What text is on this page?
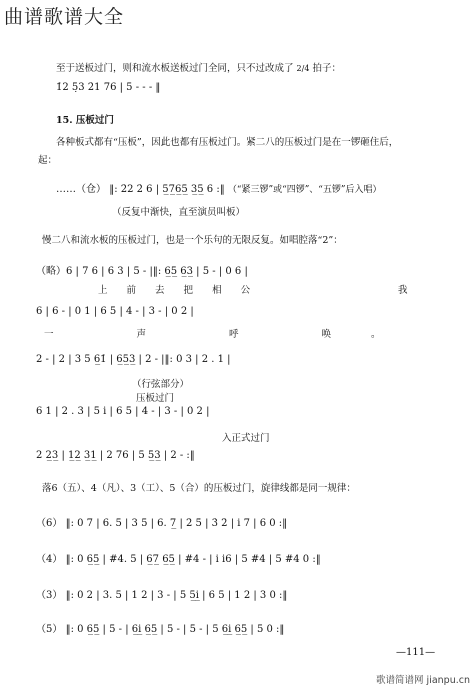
曲谱歌谱大全
至于送板过门，则和流水板送板过门全同，只不过改成了 2/4 拍子：
1̇2 5̣3 2̇1 76 | 5 - - - ‖
15. 压板过门
各种板式都有“压板”，因此也都有压板过门。紧二八的压板过门是在一锣砸住后，
起：
……（仓） ‖: 2̇2 2̇ 6 | 5̲7̲6̲5̲ 3̲5̲ 6 :‖ （“紧三锣”或“四锣”、“五锣”后入唱）
（反复中渐快，直至演员叫板）
慢二八和流水板的压板过门，也是一个乐句的无限反复。如唱腔落“2”：
（略）6 | 7 6 | 6 3 | 5 - |‖: 6̲5̲ 6̲3̲ | 5 - | 0 6 |
上 前 去 把 相 公	我
6 | 6 - | 0 1 | 6 5 | 4 - | 3 - | 0 2 |
一 声 呼 唤。
2 - | 2 | 3 5 6̲1̇ | 6̲5̲3̲ | 2 - |‖: 0 3 | 2 . 1 |
（行弦部分）
压板过门
6 1 | 2 . 3 | 5 i | 6 5 | 4 - | 3 - | 0 2 |
入正式过门
2 2̲3̲ | 1̲2̲ 3̲1̲ | 2 76 | 5 5̲3̲ | 2 - :‖
落6（五）、4（凡）、3（工）、5（合）的压板过门，旋律线都是同一规律：
（6） ‖: 0 7 | 6. 5 | 3 5 | 6. 7̲ | 2̇ 5̇ | 3̇ 2̇ | i 7 | 6 0 :‖
（4） ‖: 0 6̲5̲ | #4. 5 | 6̲7̲ 6̲5̲ | #4 - | i i6 | 5 #4 | 5 #4 0 :‖
（3） ‖: 0 2 | 3. 5 | 1 2 | 3 - | 5 5̲i̲ | 6 5 | 1 2 | 3 0 :‖
（5） ‖: 0 6̲5̲ | 5 - | 6̲i̲ 6̲5̲ | 5 - | 5 - | 5 6̲i̲ 6̲5̲ | 5 0 :‖
—111—
歌谱简谱网 jianpu.cn
